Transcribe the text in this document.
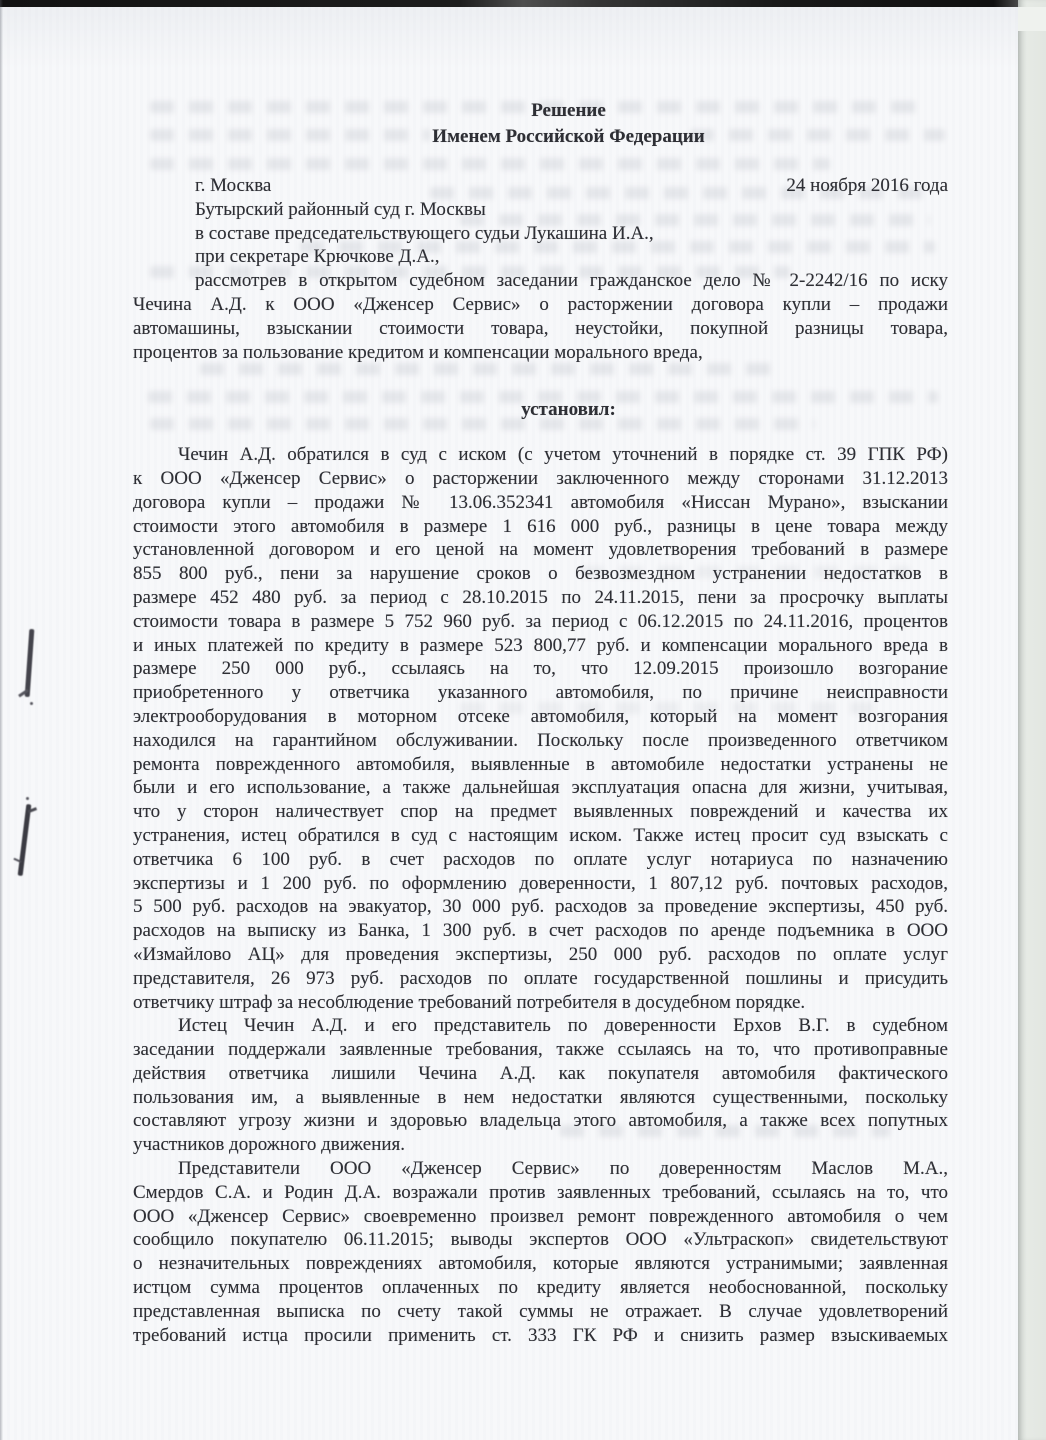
Решение
Именем Российской Федерации
г. Москва	24 ноября 2016 года
Бутырский районный суд г. Москвы
в составе председательствующего судьи Лукашина И.А.,
при секретаре Крючкове Д.А.,
рассмотрев в открытом судебном заседании гражданское дело № 2-2242/16 по иску
Чечина А.Д. к ООО «Дженсер Сервис» о расторжении договора купли – продажи
автомашины, взыскании стоимости товара, неустойки, покупной разницы товара,
процентов за пользование кредитом и компенсации морального вреда,
установил:
Чечин А.Д. обратился в суд с иском (с учетом уточнений в порядке ст. 39 ГПК РФ)
к ООО «Дженсер Сервис» о расторжении заключенного между сторонами 31.12.2013
договора купли – продажи № 13.06.352341 автомобиля «Ниссан Мурано», взыскании
стоимости этого автомобиля в размере 1 616 000 руб., разницы в цене товара между
установленной договором и его ценой на момент удовлетворения требований в размере
855 800 руб., пени за нарушение сроков о безвозмездном устранении недостатков в
размере 452 480 руб. за период с 28.10.2015 по 24.11.2015, пени за просрочку выплаты
стоимости товара в размере 5 752 960 руб. за период с 06.12.2015 по 24.11.2016, процентов
и иных платежей по кредиту в размере 523 800,77 руб. и компенсации морального вреда в
размере 250 000 руб., ссылаясь на то, что 12.09.2015 произошло возгорание
приобретенного у ответчика указанного автомобиля, по причине неисправности
электрооборудования в моторном отсеке автомобиля, который на момент возгорания
находился на гарантийном обслуживании. Поскольку после произведенного ответчиком
ремонта поврежденного автомобиля, выявленные в автомобиле недостатки устранены не
были и его использование, а также дальнейшая эксплуатация опасна для жизни, учитывая,
что у сторон наличествует спор на предмет выявленных повреждений и качества их
устранения, истец обратился в суд с настоящим иском. Также истец просит суд взыскать с
ответчика 6 100 руб. в счет расходов по оплате услуг нотариуса по назначению
экспертизы и 1 200 руб. по оформлению доверенности, 1 807,12 руб. почтовых расходов,
5 500 руб. расходов на эвакуатор, 30 000 руб. расходов за проведение экспертизы, 450 руб.
расходов на выписку из Банка, 1 300 руб. в счет расходов по аренде подъемника в ООО
«Измайлово АЦ» для проведения экспертизы, 250 000 руб. расходов по оплате услуг
представителя, 26 973 руб. расходов по оплате государственной пошлины и присудить
ответчику штраф за несоблюдение требований потребителя в досудебном порядке.
Истец Чечин А.Д. и его представитель по доверенности Ерхов В.Г. в судебном
заседании поддержали заявленные требования, также ссылаясь на то, что противоправные
действия ответчика лишили Чечина А.Д. как покупателя автомобиля фактического
пользования им, а выявленные в нем недостатки являются существенными, поскольку
составляют угрозу жизни и здоровью владельца этого автомобиля, а также всех попутных
участников дорожного движения.
Представители ООО «Дженсер Сервис» по доверенностям Маслов М.А.,
Смердов С.А. и Родин Д.А. возражали против заявленных требований, ссылаясь на то, что
ООО «Дженсер Сервис» своевременно произвел ремонт поврежденного автомобиля о чем
сообщило покупателю 06.11.2015; выводы экспертов ООО «Ультраскоп» свидетельствуют
о незначительных повреждениях автомобиля, которые являются устранимыми; заявленная
истцом сумма процентов оплаченных по кредиту является необоснованной, поскольку
представленная выписка по счету такой суммы не отражает. В случае удовлетворений
требований истца просили применить ст. 333 ГК РФ и снизить размер взыскиваемых
